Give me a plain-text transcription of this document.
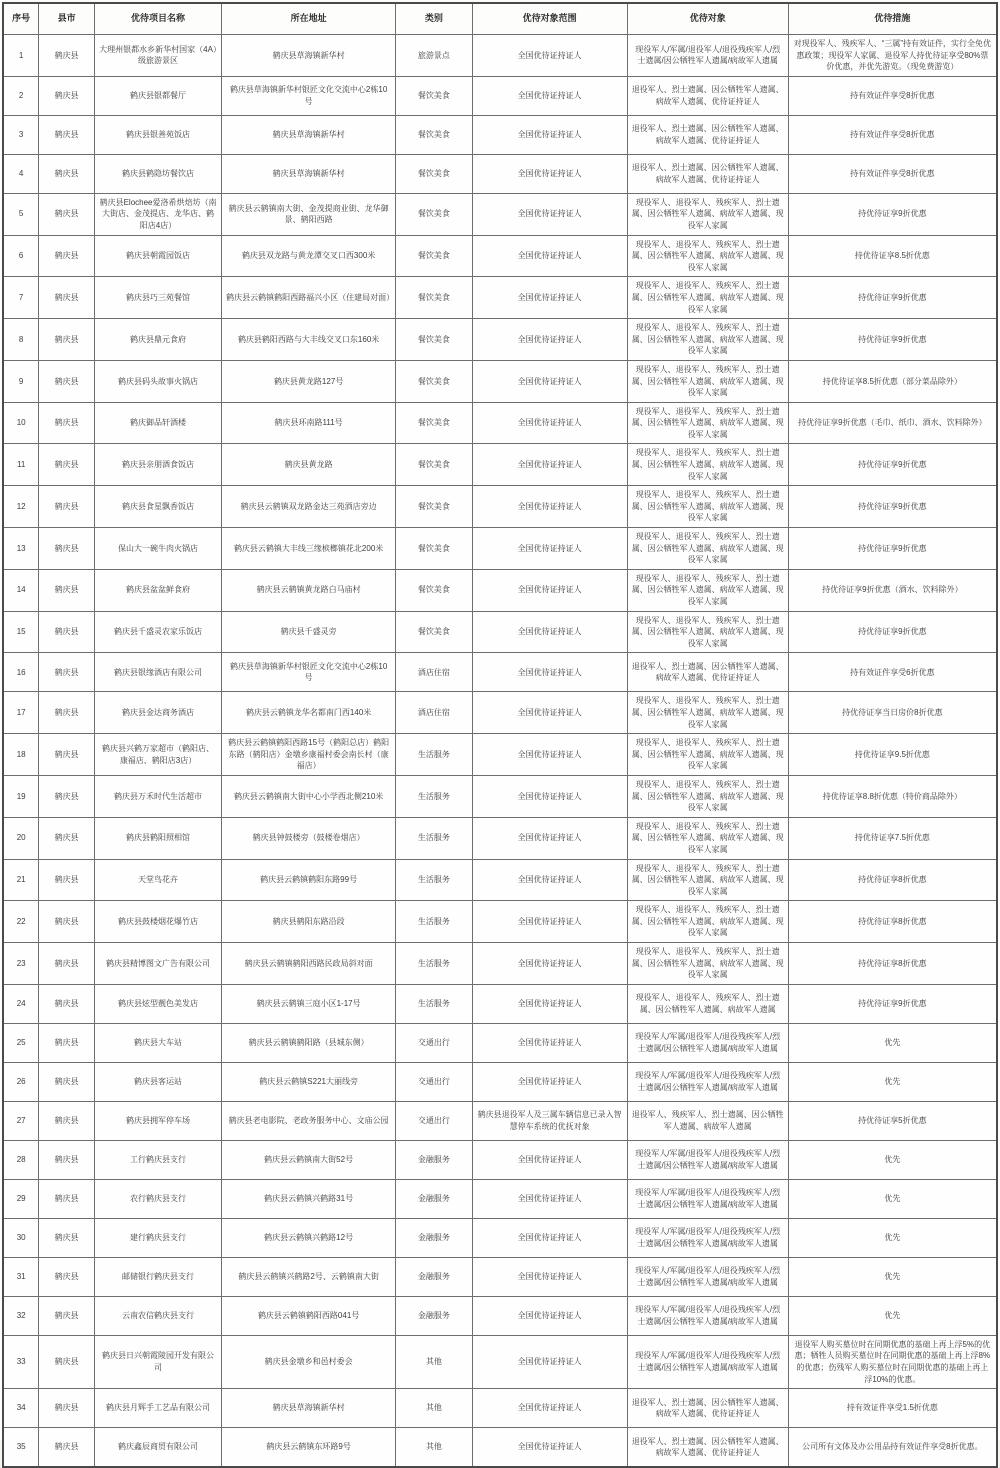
序号	县市	优待项目名称	所在地址	类别	优待对象范围	优待对象	优待措施
1	鹤庆县	大理州银都水乡新华村国家（4A）级旅游景区	鹤庆县草海镇新华村	旅游景点	全国优待证持证人	现役军人/军属/退役军人/退役残疾军人/烈士遗属/因公牺牲军人遗属/病故军人遗属	对现役军人、残疾军人、“三属”持有效证件，实行全免优惠政策；现役军人家属、退役军人持优待证享受80%票价优惠，并优先游览。（现免费游览）
2	鹤庆县	鹤庆县银都餐厅	鹤庆县草海镇新华村银匠文化交流中心2栋10号	餐饮美食	全国优待证持证人	退役军人、烈士遗属、因公牺牲军人遗属、病故军人遗属、优待证持证人	持有效证件享受8折优惠
3	鹤庆县	鹤庆县银善苑饭店	鹤庆县草海镇新华村	餐饮美食	全国优待证持证人	退役军人、烈士遗属、因公牺牲军人遗属、病故军人遗属、优待证持证人	持有效证件享受8折优惠
4	鹤庆县	鹤庆县鹤隐坊餐饮店	鹤庆县草海镇新华村	餐饮美食	全国优待证持证人	退役军人、烈士遗属、因公牺牲军人遗属、病故军人遗属、优待证持证人	持有效证件享受8折优惠
5	鹤庆县	鹤庆县Elochee爱洛希烘焙坊（南大街店、金茂提店、龙华店、鹤阳店4店）	鹤庆县云鹤镇南大街、金茂提商业街、龙华御景、鹤阳西路	餐饮美食	全国优待证持证人	现役军人、退役军人、残疾军人、烈士遗属、因公牺牲军人遗属、病故军人遗属、现役军人家属	持优待证享9折优惠
6	鹤庆县	鹤庆县朝霞园饭店	鹤庆县双龙路与黄龙潭交叉口西300米	餐饮美食	全国优待证持证人	现役军人、退役军人、残疾军人、烈士遗属、因公牺牲军人遗属、病故军人遗属、现役军人家属	持优待证享8.5折优惠
7	鹤庆县	鹤庆县巧三苑餐馆	鹤庆县云鹤镇鹤阳西路福兴小区（住建局对面）	餐饮美食	全国优待证持证人	现役军人、退役军人、残疾军人、烈士遗属、因公牺牲军人遗属、病故军人遗属、现役军人家属	持优待证享9折优惠
8	鹤庆县	鹤庆县鼎元食府	鹤庆县鹤阳西路与大丰线交叉口东160米	餐饮美食	全国优待证持证人	现役军人、退役军人、残疾军人、烈士遗属、因公牺牲军人遗属、病故军人遗属、现役军人家属	持优待证享9折优惠
9	鹤庆县	鹤庆县码头故事火锅店	鹤庆县黄龙路127号	餐饮美食	全国优待证持证人	现役军人、退役军人、残疾军人、烈士遗属、因公牺牲军人遗属、病故军人遗属、现役军人家属	持优待证享8.5折优惠（部分菜品除外）
10	鹤庆县	鹤庆御品轩酒楼	鹤庆县环南路111号	餐饮美食	全国优待证持证人	现役军人、退役军人、残疾军人、烈士遗属、因公牺牲军人遗属、病故军人遗属、现役军人家属	持优待证享9折优惠（毛巾、纸巾、酒水、饮料除外）
11	鹤庆县	鹤庆县亲朋酒食饭店	鹤庆县黄龙路	餐饮美食	全国优待证持证人	现役军人、退役军人、残疾军人、烈士遗属、因公牺牲军人遗属、病故军人遗属、现役军人家属	持优待证享9折优惠
12	鹤庆县	鹤庆县食星飘香饭店	鹤庆县云鹤镇双龙路金达三苑酒店旁边	餐饮美食	全国优待证持证人	现役军人、退役军人、残疾军人、烈士遗属、因公牺牲军人遗属、病故军人遗属、现役军人家属	持优待证享9折优惠
13	鹤庆县	保山大一碗牛肉火锅店	鹤庆县云鹤镇大丰线三缘槟榔镇花北200米	餐饮美食	全国优待证持证人	现役军人、退役军人、残疾军人、烈士遗属、因公牺牲军人遗属、病故军人遗属、现役军人家属	持优待证享9折优惠
14	鹤庆县	鹤庆县盆盆鲜食府	鹤庆县云鹤镇黄龙路白马庙村	餐饮美食	全国优待证持证人	现役军人、退役军人、残疾军人、烈士遗属、因公牺牲军人遗属、病故军人遗属、现役军人家属	持优待证享9折优惠（酒水、饮料除外）
15	鹤庆县	鹤庆县千盛灵农家乐饭店	鹤庆县千盛灵旁	餐饮美食	全国优待证持证人	现役军人、退役军人、残疾军人、烈士遗属、因公牺牲军人遗属、病故军人遗属、现役军人家属	持优待证享9折优惠
16	鹤庆县	鹤庆县银缘酒店有限公司	鹤庆县草海镇新华村银匠文化交流中心2栋10号	酒店住宿	全国优待证持证人	退役军人、烈士遗属、因公牺牲军人遗属、病故军人遗属、优待证持证人	持有效证件享受6折优惠
17	鹤庆县	鹤庆县金达商务酒店	鹤庆县云鹤镇龙华名都南门西140米	酒店住宿	全国优待证持证人	现役军人、退役军人、残疾军人、烈士遗属、因公牺牲军人遗属、病故军人遗属、现役军人家属	持优待证享当日房价8折优惠
18	鹤庆县	鹤庆县兴鹤万家超市（鹤阳店、康福店、鹤阳店3店）	鹤庆县云鹤镇鹤阳西路15号（鹤阳总店）鹤阳东路（鹤阳店）金墩乡康福村委会南长村（康福店）	生活服务	全国优待证持证人	现役军人、退役军人、残疾军人、烈士遗属、因公牺牲军人遗属、病故军人遗属、现役军人家属	持优待证享9.5折优惠
19	鹤庆县	鹤庆县万禾时代生活超市	鹤庆县云鹤镇南大街中心小学西北侧210米	生活服务	全国优待证持证人	现役军人、退役军人、残疾军人、烈士遗属、因公牺牲军人遗属、病故军人遗属、现役军人家属	持优待证享8.8折优惠（特价商品除外）
20	鹤庆县	鹤庆县鹤阳照相馆	鹤庆县钟鼓楼旁（鼓楼卷烟店）	生活服务	全国优待证持证人	现役军人、退役军人、残疾军人、烈士遗属、因公牺牲军人遗属、病故军人遗属、现役军人家属	持优待证享7.5折优惠
21	鹤庆县	天堂鸟花卉	鹤庆县云鹤镇鹤阳东路99号	生活服务	全国优待证持证人	现役军人、退役军人、残疾军人、烈士遗属、因公牺牲军人遗属、病故军人遗属、现役军人家属	持优待证享8折优惠
22	鹤庆县	鹤庆县鼓楼烟花爆竹店	鹤庆县鹤阳东路沿段	生活服务	全国优待证持证人	现役军人、退役军人、残疾军人、烈士遗属、因公牺牲军人遗属、病故军人遗属、现役军人家属	持优待证享8折优惠
23	鹤庆县	鹤庆县精博图文广告有限公司	鹤庆县云鹤镇鹤阳西路民政局斜对面	生活服务	全国优待证持证人	现役军人、退役军人、残疾军人、烈士遗属、因公牺牲军人遗属、病故军人遗属、现役军人家属	持优待证享8折优惠
24	鹤庆县	鹤庆县炫型靓色美发店	鹤庆县云鹤镇三庭小区1-17号	生活服务	全国优待证持证人	现役军人、退役军人、残疾军人、烈士遗属、因公牺牲军人遗属、病故军人遗属	持优待证享9折优惠
25	鹤庆县	鹤庆县大车站	鹤庆县云鹤镇鹤阳路（县城东侧）	交通出行	全国优待证持证人	现役军人/军属/退役军人/退役残疾军人/烈士遗属/因公牺牲军人遗属/病故军人遗属	优先
26	鹤庆县	鹤庆县客运站	鹤庆县云鹤镇S221大丽线旁	交通出行	全国优待证持证人	现役军人/军属/退役军人/退役残疾军人/烈士遗属/因公牺牲军人遗属/病故军人遗属	优先
27	鹤庆县	鹤庆县拥军停车场	鹤庆县老电影院、老政务服务中心、文庙公园	交通出行	鹤庆县退役军人及三属车辆信息已录入智慧停车系统的优抚对象	退役军人、残疾军人、烈士遗属、因公牺牲军人遗属、病故军人遗属	持优待证享5折优惠
28	鹤庆县	工行鹤庆县支行	鹤庆县云鹤镇南大街52号	金融服务	全国优待证持证人	现役军人/军属/退役军人/退役残疾军人/烈士遗属/因公牺牲军人遗属/病故军人遗属	优先
29	鹤庆县	农行鹤庆县支行	鹤庆县云鹤镇兴鹤路31号	金融服务	全国优待证持证人	现役军人/军属/退役军人/退役残疾军人/烈士遗属/因公牺牲军人遗属/病故军人遗属	优先
30	鹤庆县	建行鹤庆县支行	鹤庆县云鹤镇兴鹤路12号	金融服务	全国优待证持证人	现役军人/军属/退役军人/退役残疾军人/烈士遗属/因公牺牲军人遗属/病故军人遗属	优先
31	鹤庆县	邮储银行鹤庆县支行	鹤庆县云鹤镇兴鹤路2号、云鹤镇南大街	金融服务	全国优待证持证人	现役军人/军属/退役军人/退役残疾军人/烈士遗属/因公牺牲军人遗属/病故军人遗属	优先
32	鹤庆县	云南农信鹤庆县支行	鹤庆县云鹤镇鹤阳西路041号	金融服务	全国优待证持证人	现役军人/军属/退役军人/退役残疾军人/烈士遗属/因公牺牲军人遗属/病故军人遗属	优先
33	鹤庆县	鹤庆县日兴朝霞陵园开发有限公司	鹤庆县金墩乡和邑村委会	其他	全国优待证持证人	现役军人/军属/退役军人/退役残疾军人/烈士遗属/因公牺牲军人遗属/病故军人遗属	退役军人购买墓位时在同期优惠的基础上再上浮5%的优惠；牺牲人员购买墓位时在同期优惠的基础上再上浮8%的优惠；伤残军人购买墓位时在同期优惠的基础上再上浮10%的优惠。
34	鹤庆县	鹤庆县月辉手工艺品有限公司	鹤庆县草海镇新华村	其他	全国优待证持证人	退役军人、烈士遗属、因公牺牲军人遗属、病故军人遗属、优待证持证人	持有效证件享受1.5折优惠
35	鹤庆县	鹤庆鑫辰商贸有限公司	鹤庆县云鹤镇东环路9号	其他	全国优待证持证人	退役军人、烈士遗属、因公牺牲军人遗属、病故军人遗属、优待证持证人	公司所有文体及办公用品持有效证件享受8折优惠。
